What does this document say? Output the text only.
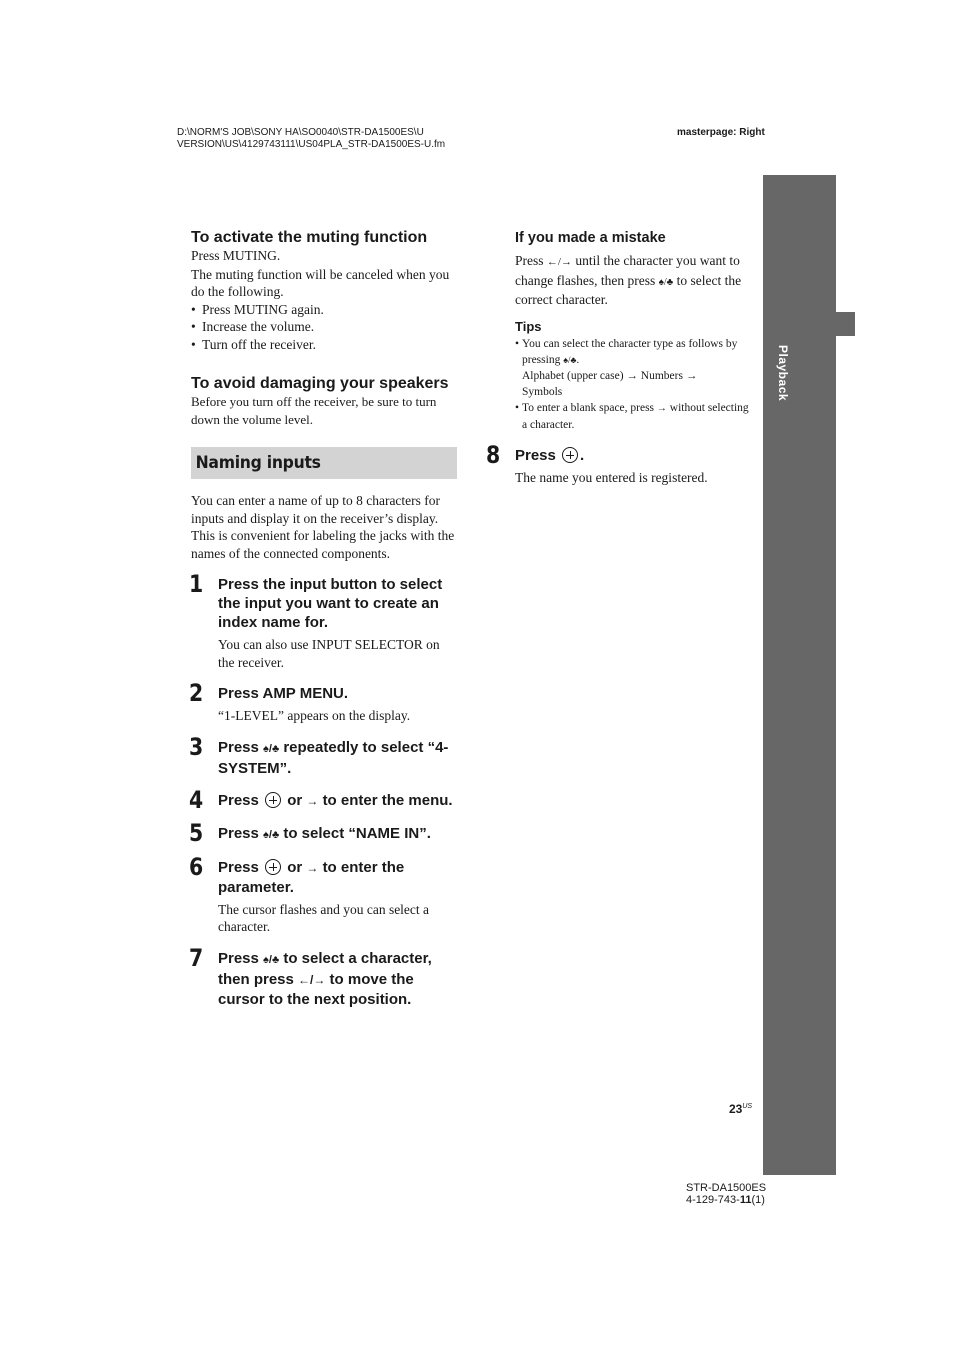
D:\NORM'S JOB\SONY HA\SO0040\STR-DA1500ES\U
VERSION\US\4129743111\US04PLA_STR-DA1500ES-U.fm
masterpage: Right
Playback
To activate the muting function

Press MUTING.

The muting function will be canceled when you do the following.

• Press MUTING again.
• Increase the volume.
• Turn off the receiver.
To avoid damaging your speakers

Before you turn off the receiver, be sure to turn down the volume level.

Naming inputs

You can enter a name of up to 8 characters for inputs and display it on the receiver’s display. This is convenient for labeling the jacks with the names of the connected components.

1 Press the input button to select the input you want to create an index name for.
You can also use INPUT SELECTOR on the receiver.
2 Press AMP MENU.
“1-LEVEL” appears on the display.
3 Press ♠/♣ repeatedly to select “4-SYSTEM”.
4 Press or → to enter the menu.
5 Press ♠/♣ to select “NAME IN”.
6 Press or → to enter the parameter.
The cursor flashes and you can select a character.
7 Press ♠/♣ to select a character, then press ←/→ to move the cursor to the next position.
If you made a mistake

Press ←/→ until the character you want to change flashes, then press ♠/♣ to select the correct character.

Tips

• You can select the character type as follows by pressing ♠/♣.
Alphabet (upper case) → Numbers →
Symbols
• To enter a blank space, press → without selecting a character.
8 Press .
The name you entered is registered.
$23^{US}$
STR-DA1500ES
4-129-743-11(1)
